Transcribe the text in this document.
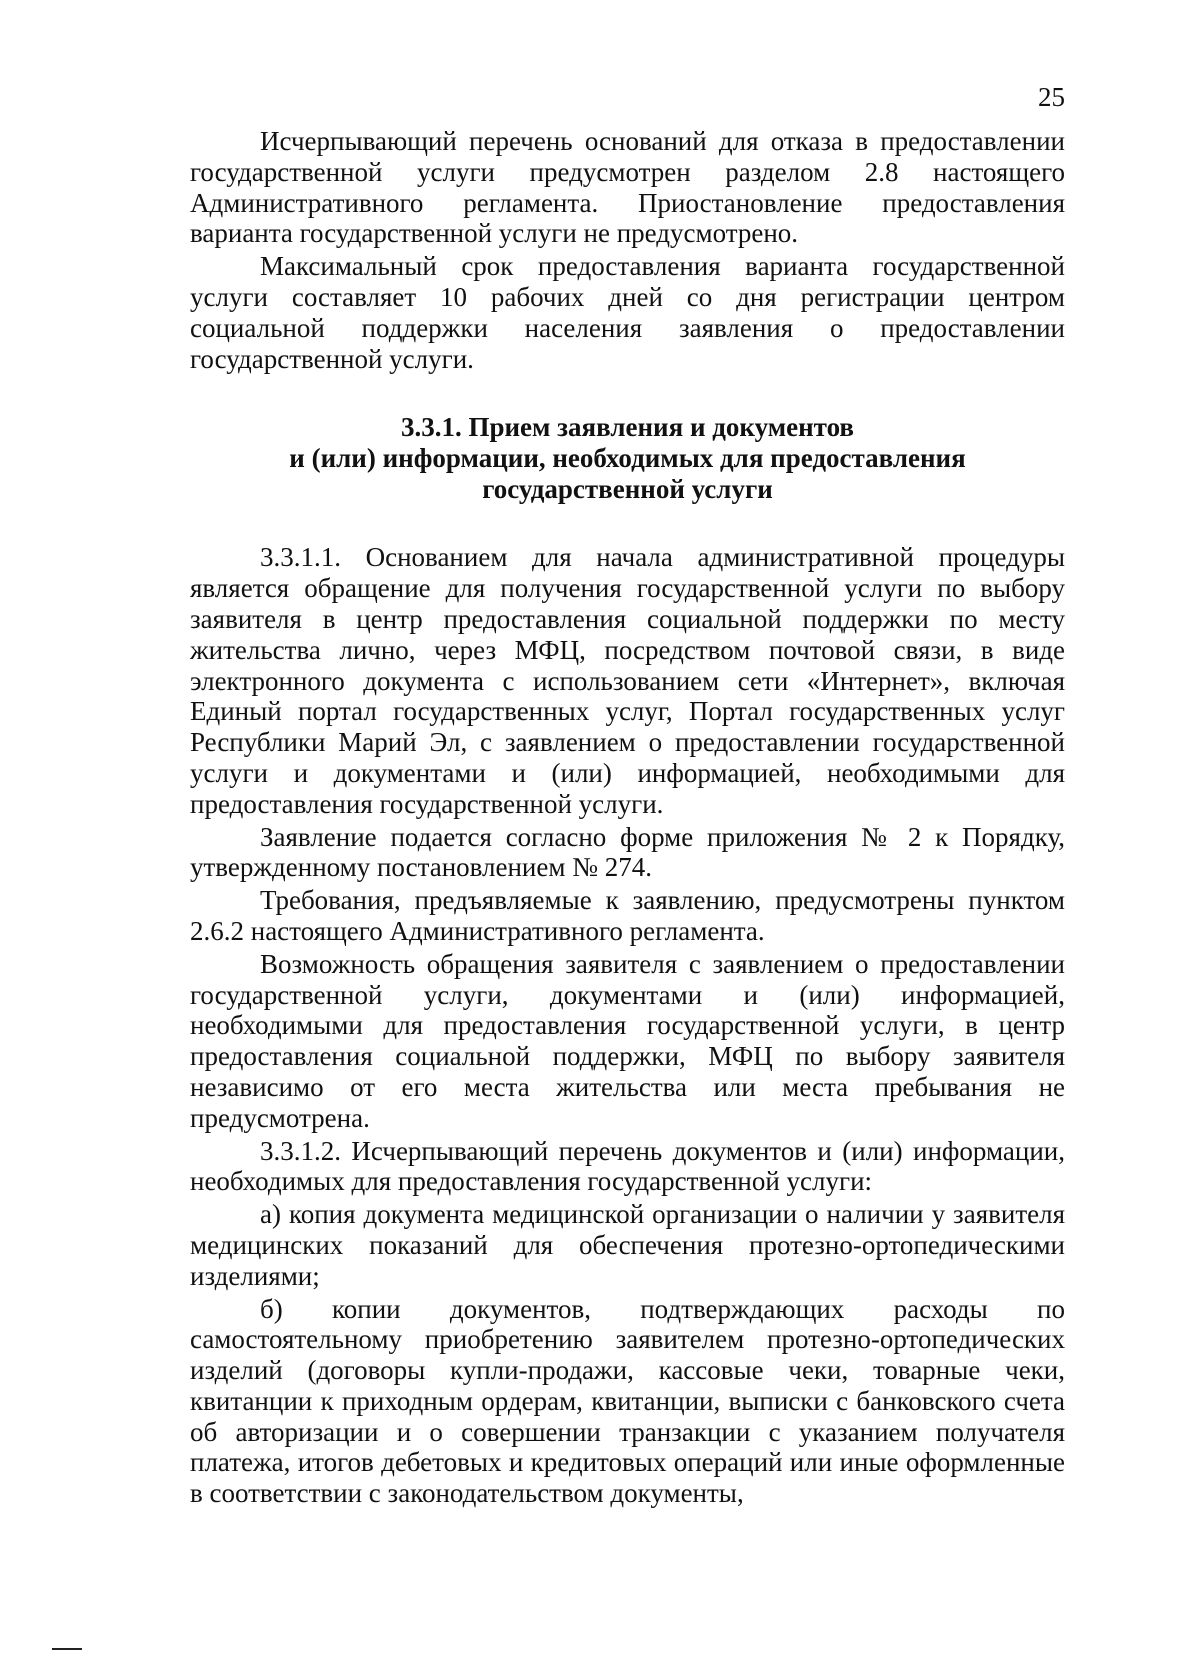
25

Исчерпывающий перечень оснований для отказа в предоставлении государственной услуги предусмотрен разделом 2.8 настоящего Административного регламента. Приостановление предоставления варианта государственной услуги не предусмотрено.

Максимальный срок предоставления варианта государственной услуги составляет 10 рабочих дней со дня регистрации центром социальной поддержки населения заявления о предоставлении государственной услуги.

3.3.1. Прием заявления и документов
и (или) информации, необходимых для предоставления
государственной услуги

3.3.1.1. Основанием для начала административной процедуры является обращение для получения государственной услуги по выбору заявителя в центр предоставления социальной поддержки по месту жительства лично, через МФЦ, посредством почтовой связи, в виде электронного документа с использованием сети «Интернет», включая Единый портал государственных услуг, Портал государственных услуг Республики Марий Эл, с заявлением о предоставлении государственной услуги и документами и (или) информацией, необходимыми для предоставления государственной услуги.

Заявление подается согласно форме приложения № 2 к Порядку, утвержденному постановлением № 274.

Требования, предъявляемые к заявлению, предусмотрены пунктом 2.6.2 настоящего Административного регламента.

Возможность обращения заявителя с заявлением о предоставлении государственной услуги, документами и (или) информацией, необходимыми для предоставления государственной услуги, в центр предоставления социальной поддержки, МФЦ по выбору заявителя независимо от его места жительства или места пребывания не предусмотрена.

3.3.1.2. Исчерпывающий перечень документов и (или) информации, необходимых для предоставления государственной услуги:

а) копия документа медицинской организации о наличии у заявителя медицинских показаний для обеспечения протезно-ортопедическими изделиями;

б) копии документов, подтверждающих расходы по самостоятельному приобретению заявителем протезно-ортопедических изделий (договоры купли-продажи, кассовые чеки, товарные чеки, квитанции к приходным ордерам, квитанции, выписки с банковского счета об авторизации и о совершении транзакции с указанием получателя платежа, итогов дебетовых и кредитовых операций или иные оформленные в соответствии с законодательством документы,
